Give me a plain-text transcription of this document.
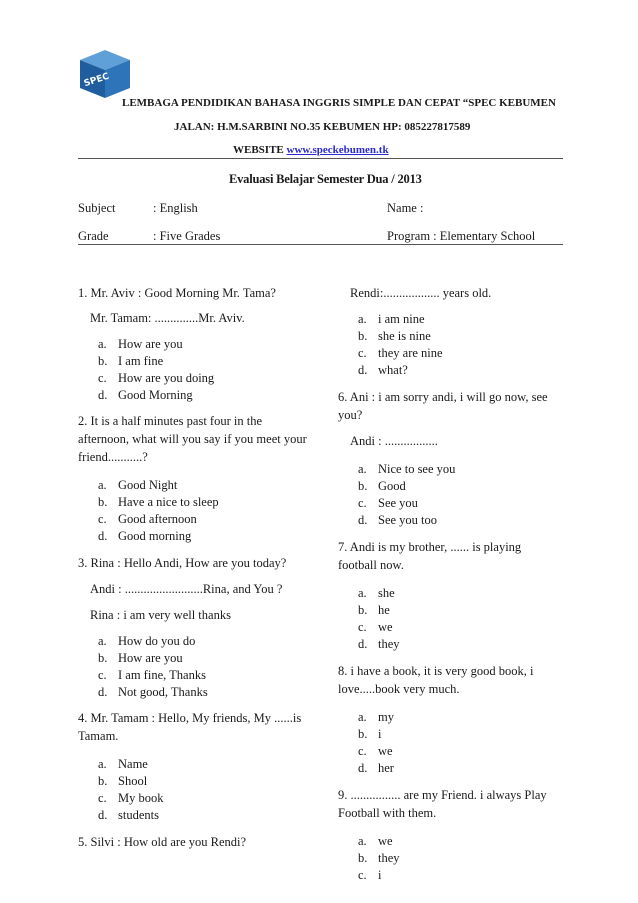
SPEC
LEMBAGA PENDIDIKAN BAHASA INGGRIS SIMPLE DAN CEPAT “SPEC KEBUMEN
JALAN: H.M.SARBINI NO.35 KEBUMEN HP: 085227817589
WEBSITE www.speckebumen.tk
Evaluasi Belajar Semester Dua / 2013
Subject	: English	Name :
Grade	: Five Grades	Program : Elementary School

1. Mr. Aviv : Good Morning Mr. Tama?

Mr. Tamam: ..............Mr. Aviv.

a. How are you
b. I am fine
c. How are you doing
d. Good Morning

2. It is a half minutes past four in the afternoon, what will you say if you meet your friend...........?

a. Good Night
b. Have a nice to sleep
c. Good afternoon
d. Good morning

3. Rina : Hello Andi, How are you today?

Andi : .........................Rina, and You ?

Rina : i am very well thanks

a. How do you do
b. How are you
c. I am fine, Thanks
d. Not good, Thanks

4. Mr. Tamam : Hello, My friends, My ......is Tamam.

a. Name
b. Shool
c. My book
d. students

5. Silvi : How old are you Rendi?

Rendi:.................. years old.

a. i am nine
b. she is nine
c. they are nine
d. what?

6. Ani : i am sorry andi, i will go now, see you?

Andi : .................

a. Nice to see you
b. Good
c. See you
d. See you too

7. Andi is my brother, ...... is playing football now.

a. she
b. he
c. we
d. they

8. i have a book, it is very good book, i love.....book very much.

a. my
b. i
c. we
d. her

9. ................ are my Friend. i always Play Football with them.

a. we
b. they
c. i
